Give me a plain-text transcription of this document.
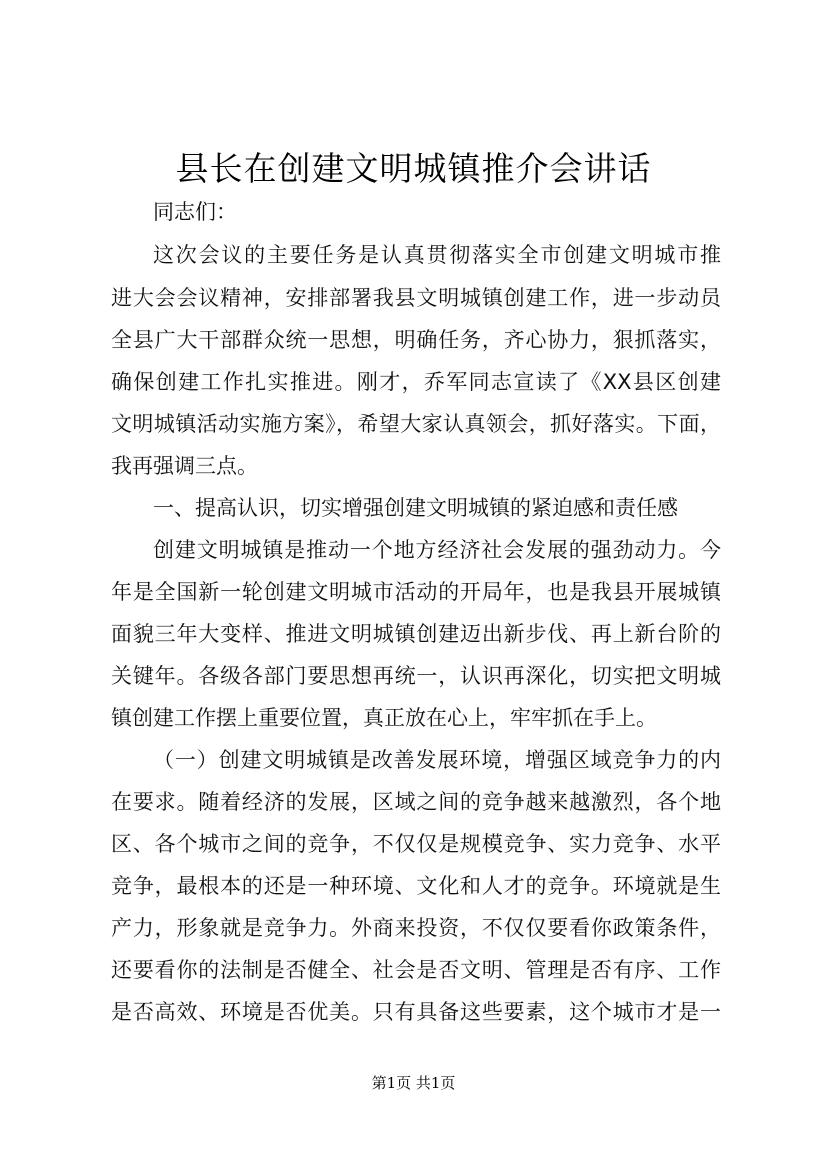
县长在创建文明城镇推介会讲话
同志们：
这次会议的主要任务是认真贯彻落实全市创建文明城市推
进大会会议精神，安排部署我县文明城镇创建工作，进一步动员
全县广大干部群众统一思想，明确任务，齐心协力，狠抓落实，
确保创建工作扎实推进。刚才，乔军同志宣读了《XX县区创建
文明城镇活动实施方案》，希望大家认真领会，抓好落实。下面，
我再强调三点。
一、提高认识，切实增强创建文明城镇的紧迫感和责任感
创建文明城镇是推动一个地方经济社会发展的强劲动力。今
年是全国新一轮创建文明城市活动的开局年，也是我县开展城镇
面貌三年大变样、推进文明城镇创建迈出新步伐、再上新台阶的
关键年。各级各部门要思想再统一，认识再深化，切实把文明城
镇创建工作摆上重要位置，真正放在心上，牢牢抓在手上。
（一）创建文明城镇是改善发展环境，增强区域竞争力的内
在要求。随着经济的发展，区域之间的竞争越来越激烈，各个地
区、各个城市之间的竞争，不仅仅是规模竞争、实力竞争、水平
竞争，最根本的还是一种环境、文化和人才的竞争。环境就是生
产力，形象就是竞争力。外商来投资，不仅仅要看你政策条件，
还要看你的法制是否健全、社会是否文明、管理是否有序、工作
是否高效、环境是否优美。只有具备这些要素，这个城市才是一
第1页 共1页
